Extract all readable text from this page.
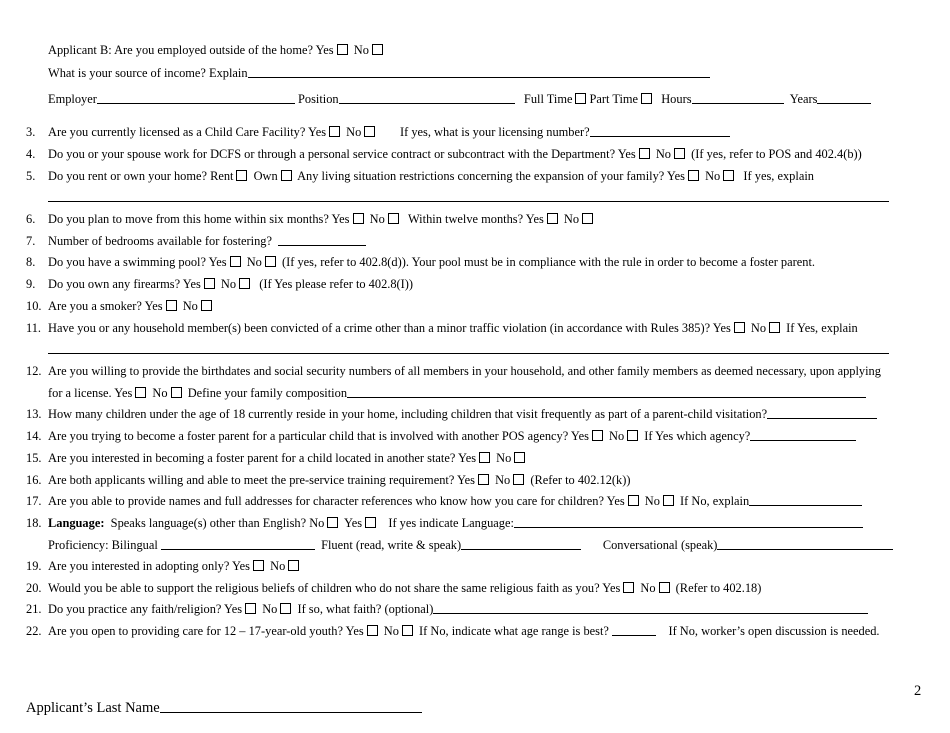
Applicant B: Are you employed outside of the home? Yes No
What is your source of income? Explain
Employer	Position	Full Time Part Time Hours	Years
3. Are you currently licensed as a Child Care Facility? Yes No	If yes, what is your licensing number?
4. Do you or your spouse work for DCFS or through a personal service contract or subcontract with the Department? Yes No (If yes, refer to POS and 402.4(b))
5. Do you rent or own your home? Rent Own Any living situation restrictions concerning the expansion of your family? Yes No If yes, explain
6. Do you plan to move from this home within six months? Yes No Within twelve months? Yes No
7. Number of bedrooms available for fostering?
8. Do you have a swimming pool? Yes No (If yes, refer to 402.8(d)). Your pool must be in compliance with the rule in order to become a foster parent.
9. Do you own any firearms? Yes No (If Yes please refer to 402.8(I))
10. Are you a smoker? Yes No
11. Have you or any household member(s) been convicted of a crime other than a minor traffic violation (in accordance with Rules 385)? Yes No If Yes, explain
12. Are you willing to provide the birthdates and social security numbers of all members in your household, and other family members as deemed necessary, upon applying
for a license. Yes No Define your family composition
13. How many children under the age of 18 currently reside in your home, including children that visit frequently as part of a parent-child visitation?
14. Are you trying to become a foster parent for a particular child that is involved with another POS agency? Yes No If Yes which agency?
15. Are you interested in becoming a foster parent for a child located in another state? Yes No
16. Are both applicants willing and able to meet the pre-service training requirement? Yes No (Refer to 402.12(k))
17. Are you able to provide names and full addresses for character references who know how you care for children? Yes No If No, explain
18. Language: Speaks language(s) other than English? No Yes If yes indicate Language:
Proficiency: Bilingual	Fluent (read, write & speak)	Conversational (speak)
19. Are you interested in adopting only? Yes No
20. Would you be able to support the religious beliefs of children who do not share the same religious faith as you? Yes No (Refer to 402.18)
21. Do you practice any faith/religion? Yes No If so, what faith? (optional)
22. Are you open to providing care for 12 – 17-year-old youth? Yes No If No, indicate what age range is best?	If No, worker’s open discussion is needed.
2
Applicant’s Last Name
